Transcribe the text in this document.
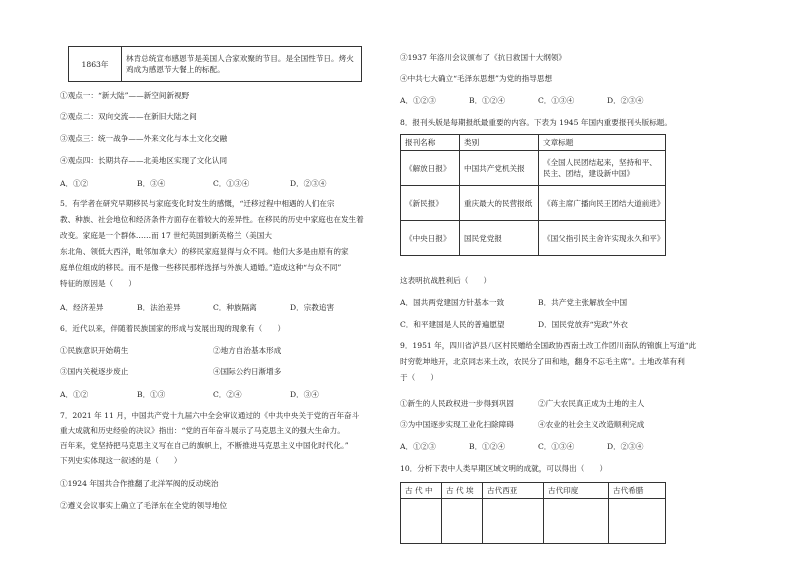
1863年	林肯总统宣布感恩节是美国人合家欢聚的节目。是全国性节日。烤火鸡成为感恩节大餐上的标配。
①观点一：“新大陆”——新空间新视野
②观点二：双向交流——在新旧大陆之间
③观点三：统一战争——外来文化与本土文化交融
④观点四：长期共存——北美地区实现了文化认同
A．①②	B．③④	C．①③④	D．②③④
5．有学者在研究早期移民与家庭变化时发生的感慨，“迁移过程中相遇的人们在宗
教、种族、社会地位和经济条件方面存在着较大的差异性。在移民的历史中家庭也在发生着
改变。家庭是一个群体……而 17 世纪英国到新英格兰（美国大
东北角、领低大西洋，毗邻加拿大）的移民家庭显得与众不同。他们大多是由原有的家
庭单位组成的移民。而不是像一些移民那样选择与外族人通婚。”造成这种“与众不同”
特征的原因是（　　）
A．经济差异	B．法治差异	C．种族隔离	D．宗教追害
6．近代以来，伴随着民族国家的形成与发展出现的现象有（　　）
①民族意识开始萌生	②地方自治基本形成
③国内关税逐步废止	④国际公约日渐增多
A．①②	B．①③	C．②④	D．③④
7．2021 年 11 月，中国共产党十九届六中全会审议通过的《中共中央关于党的百年奋斗
重大成就和历史经验的决议》指出：“党的百年奋斗展示了马克思主义的强大生命力。
百年来，党坚持把马克思主义写在自己的旗帜上，不断推进马克思主义中国化时代化。”
下列史实体现这一叙述的是（　　）
①1924 年国共合作推翻了北洋军阀的反动统治
②遵义会议事实上确立了毛泽东在全党的领导地位
③1937 年洛川会议颁布了《抗日救国十大纲领》
④中共七大确立“毛泽东思想”为党的指导思想
A．①②③	B．①②④	C．①③④	D．②③④
8．报刊头版是每期报纸最重要的内容。下表为 1945 年国内重要报刊头版标题。
报刊名称	类别	文章标题
《解放日报》	中国共产党机关报	《全国人民团结起来，坚持和平、民主、团结，建设新中国》
《新民报》	重庆最大的民营报纸	《蒋主席广播向民王团结大道前进》
《中央日报》	国民党党报	《国父指引民主舍许实现永久和平》
这表明抗战胜利后（　　）
A．国共两党建国方针基本一致	B．共产党主张解放全中国
C．和平建国是人民的普遍愿望	D．国民党放弃“宪政”外衣
9．1951 年，四川省泸县八区村民赠给全国政协西南土改工作团川南队的锦旗上写道“此
时穷乾坤地开，北京同志来土改，农民分了田和地，翻身不忘毛主席”。土地改革有利
于（　　）
①新生的人民政权进一步得到巩固	②广大农民真正成为土地的主人
③为中国逐步实现工业化扫除障碍	④农业的社会主义改造顺利完成
A．①②③	B．①②④	C．①③④	D．②③④
10．分析下表中人类早期区域文明的成就，可以得出（　　）
古 代 中	古 代 埃	古代西亚	古代印度	古代希腊
